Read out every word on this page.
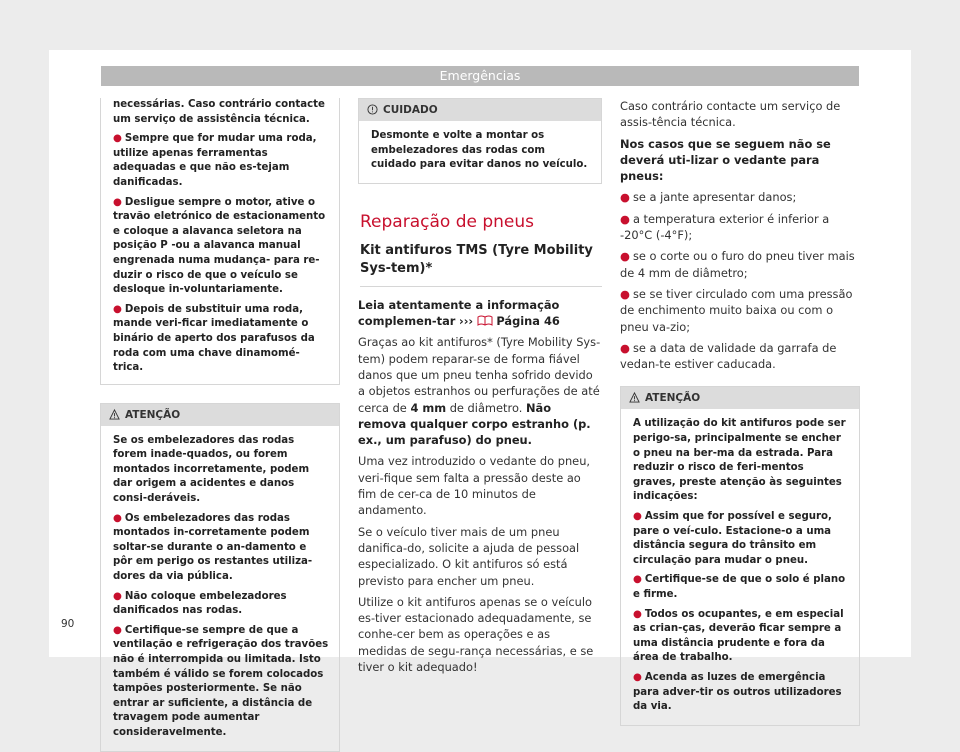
Emergências

necessárias. Caso contrário contacte um serviço de assistência técnica.

● Sempre que for mudar uma roda, utilize apenas ferramentas adequadas e que não es-tejam danificadas.

● Desligue sempre o motor, ative o travão eletrónico de estacionamento e coloque a alavanca seletora na posição P -ou a alavanca manual engrenada numa mudança- para re-duzir o risco de que o veículo se desloque in-voluntariamente.

● Depois de substituir uma roda, mande veri-ficar imediatamente o binário de aperto dos parafusos da roda com uma chave dinamomé-trica.

ATENÇÃO

Se os embelezadores das rodas forem inade-quados, ou forem montados incorretamente, podem dar origem a acidentes e danos consi-deráveis.

● Os embelezadores das rodas montados in-corretamente podem soltar-se durante o an-damento e pôr em perigo os restantes utiliza-dores da via pública.

● Não coloque embelezadores danificados nas rodas.

● Certifique-se sempre de que a ventilação e refrigeração dos travões não é interrompida ou limitada. Isto também é válido se forem colocados tampões posteriormente. Se não entrar ar suficiente, a distância de travagem pode aumentar consideravelmente.

CUIDADO
Desmonte e volte a montar os embelezadores das rodas com cuidado para evitar danos no veículo.
Reparação de pneus
Kit antifuros TMS (Tyre Mobility Sys-tem)*

Leia atentamente a informação complemen-tar ››› Página 46

Graças ao kit antifuros* (Tyre Mobility Sys-tem) podem reparar-se de forma fiável danos que um pneu tenha sofrido devido a objetos estranhos ou perfurações de até cerca de 4 mm de diâmetro. Não remova qualquer corpo estranho (p. ex., um parafuso) do pneu.

Uma vez introduzido o vedante do pneu, veri-fique sem falta a pressão deste ao fim de cer-ca de 10 minutos de andamento.

Se o veículo tiver mais de um pneu danifica-do, solicite a ajuda de pessoal especializado. O kit antifuros só está previsto para encher um pneu.

Utilize o kit antifuros apenas se o veículo es-tiver estacionado adequadamente, se conhe-cer bem as operações e as medidas de segu-rança necessárias, e se tiver o kit adequado!

Caso contrário contacte um serviço de assis-tência técnica.

Nos casos que se seguem não se deverá uti-lizar o vedante para pneus:

● se a jante apresentar danos;

● a temperatura exterior é inferior a -20°C (-4°F);

● se o corte ou o furo do pneu tiver mais de 4 mm de diâmetro;

● se se tiver circulado com uma pressão de enchimento muito baixa ou com o pneu va-zio;

● se a data de validade da garrafa de vedan-te estiver caducada.

ATENÇÃO

A utilização do kit antifuros pode ser perigo-sa, principalmente se encher o pneu na ber-ma da estrada. Para reduzir o risco de feri-mentos graves, preste atenção às seguintes indicações:

● Assim que for possível e seguro, pare o veí-culo. Estacione-o a uma distância segura do trânsito em circulação para mudar o pneu.

● Certifique-se de que o solo é plano e firme.

● Todos os ocupantes, e em especial as crian-ças, deverão ficar sempre a uma distância prudente e fora da área de trabalho.

● Acenda as luzes de emergência para adver-tir os outros utilizadores da via.

90
